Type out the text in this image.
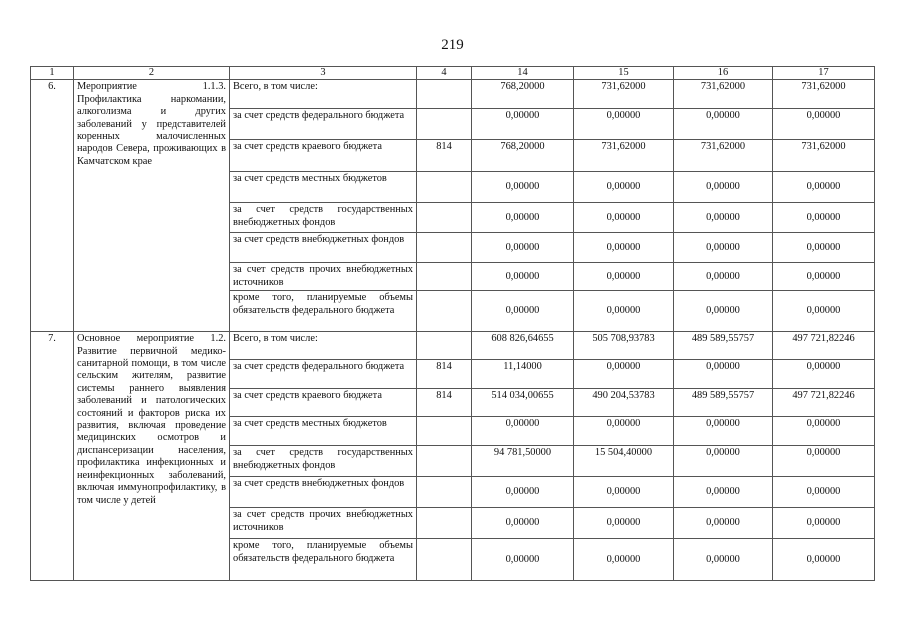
219
1	2	3	4	14	15	16	17
6.	Мероприятие 1.1.3. Профилактика наркомании, алкоголизма и других заболеваний у представителей коренных малочисленных народов Севера, проживающих в Камчатском крае	Всего, в том числе:		768,20000	731,62000	731,62000	731,62000
		за счет средств федерального бюджета		0,00000	0,00000	0,00000	0,00000
		за счет средств краевого бюджета	814	768,20000	731,62000	731,62000	731,62000
		за счет средств местных бюджетов		0,00000	0,00000	0,00000	0,00000
		за счет средств государственных внебюджетных фондов		0,00000	0,00000	0,00000	0,00000
		за счет средств внебюджетных фондов		0,00000	0,00000	0,00000	0,00000
		за счет средств прочих внебюджетных источников		0,00000	0,00000	0,00000	0,00000
		кроме того, планируемые объемы обязательств федерального бюджета		0,00000	0,00000	0,00000	0,00000
7.	Основное мероприятие 1.2. Развитие первичной медико-санитарной помощи, в том числе сельским жителям, развитие системы раннего выявления заболеваний и патологических состояний и факторов риска их развития, включая проведение медицинских осмотров и диспансеризации населения, профилактика инфекционных и неинфекционных заболеваний, включая иммунопрофилактику, в том числе у детей	Всего, в том числе:		608 826,64655	505 708,93783	489 589,55757	497 721,82246
		за счет средств федерального бюджета	814	11,14000	0,00000	0,00000	0,00000
		за счет средств краевого бюджета	814	514 034,00655	490 204,53783	489 589,55757	497 721,82246
		за счет средств местных бюджетов		0,00000	0,00000	0,00000	0,00000
		за счет средств государственных внебюджетных фондов		94 781,50000	15 504,40000	0,00000	0,00000
		за счет средств внебюджетных фондов		0,00000	0,00000	0,00000	0,00000
		за счет средств прочих внебюджетных источников		0,00000	0,00000	0,00000	0,00000
		кроме того, планируемые объемы обязательств федерального бюджета		0,00000	0,00000	0,00000	0,00000
